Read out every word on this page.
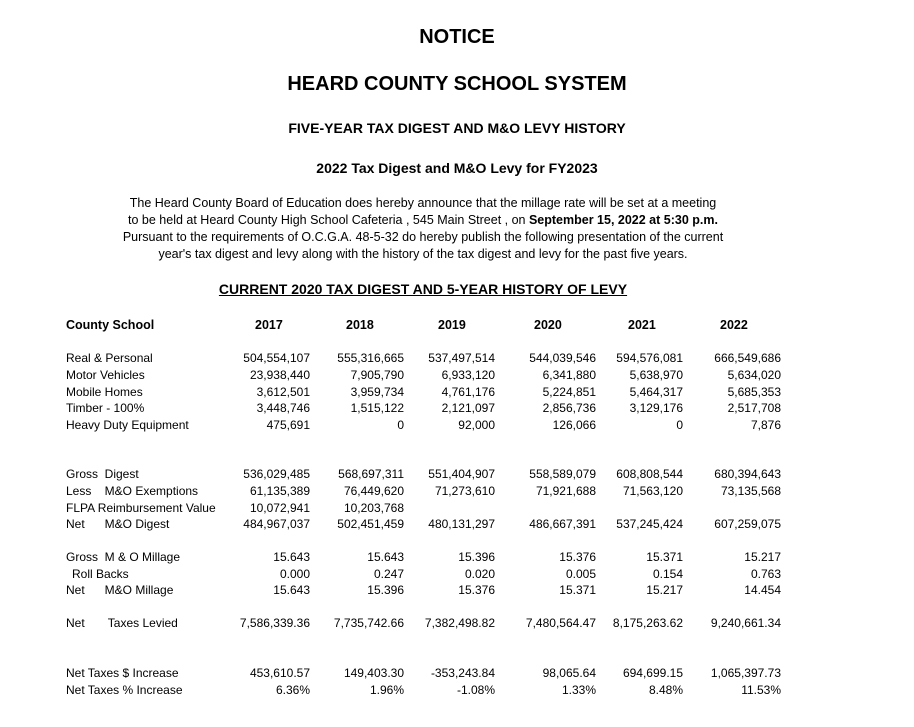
NOTICE
HEARD COUNTY SCHOOL SYSTEM
FIVE-YEAR TAX DIGEST AND M&O LEVY HISTORY
2022 Tax Digest and M&O Levy for FY2023
The Heard County Board of Education does hereby announce that the millage rate will be set at a meeting
to be held at Heard County High School Cafeteria , 545 Main Street , on September 15, 2022 at 5:30 p.m.
Pursuant to the requirements of O.C.G.A. 48-5-32 do hereby publish the following presentation of the current
year's tax digest and levy along with the history of the tax digest and levy for the past five years.
CURRENT 2020 TAX DIGEST AND 5-YEAR HISTORY OF LEVY
County School	2017	2018	2019	2020	2021	2022
Real & Personal	504,554,107 555,316,665 537,497,514	544,039,546 594,576,081	666,549,686
Motor Vehicles	23,938,440	7,905,790	6,933,120	6,341,880	5,638,970	5,634,020
Mobile Homes	3,612,501	3,959,734	4,761,176	5,224,851	5,464,317	5,685,353
Timber - 100%	3,448,746	1,515,122	2,121,097	2,856,736	3,129,176	2,517,708
Heavy Duty Equipment	475,691	0	92,000	126,066	0	7,876
Gross  Digest	536,029,485 568,697,311 551,404,907	558,589,079 608,808,544	680,394,643
Less    M&O Exemptions	61,135,389	76,449,620	71,273,610	71,921,688 71,563,120	73,135,568
FLPA Reimbursement Value	10,072,941	10,203,768
Net      M&O Digest	484,967,037 502,451,459 480,131,297	486,667,391 537,245,424	607,259,075
Gross  M & O Millage	15.643	15.643	15.396	15.376	15.371	15.217
Roll Backs	0.000	0.247	0.020	0.005	0.154	0.763
Net      M&O Millage	15.643	15.396	15.376	15.371	15.217	14.454
Net       Taxes Levied	7,586,339.36 7,735,742.66 7,382,498.82	7,480,564.47 8,175,263.62 9,240,661.34
Net Taxes $ Increase	453,610.57	149,403.30 -353,243.84	98,065.64 694,699.15 1,065,397.73
Net Taxes % Increase	6.36%	1.96%	-1.08%	1.33%	8.48%	11.53%
